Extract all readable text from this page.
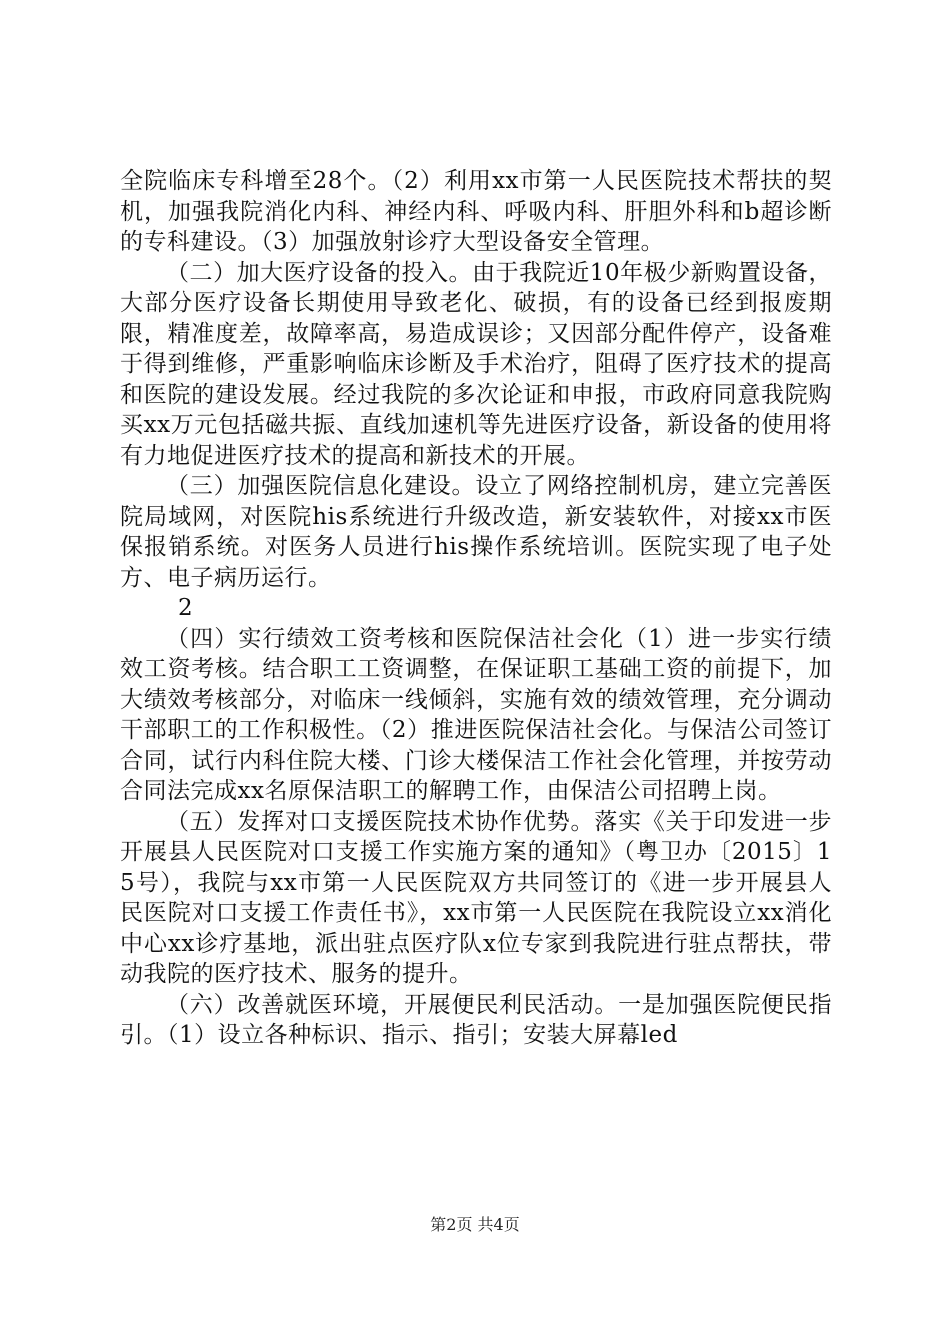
全院临床专科增至28个。（2）利用xx市第一人民医院技术帮扶的契机，加强我院消化内科、神经内科、呼吸内科、肝胆外科和b超诊断的专科建设。（3）加强放射诊疗大型设备安全管理。

（二）加大医疗设备的投入。由于我院近10年极少新购置设备，大部分医疗设备长期使用导致老化、破损，有的设备已经到报废期限，精准度差，故障率高，易造成误诊；又因部分配件停产，设备难于得到维修，严重影响临床诊断及手术治疗，阻碍了医疗技术的提高和医院的建设发展。经过我院的多次论证和申报，市政府同意我院购买xx万元包括磁共振、直线加速机等先进医疗设备，新设备的使用将有力地促进医疗技术的提高和新技术的开展。

（三）加强医院信息化建设。设立了网络控制机房，建立完善医院局域网，对医院his系统进行升级改造，新安装软件，对接xx市医保报销系统。对医务人员进行his操作系统培训。医院实现了电子处方、电子病历运行。

2

（四）实行绩效工资考核和医院保洁社会化（1）进一步实行绩效工资考核。结合职工工资调整，在保证职工基础工资的前提下，加大绩效考核部分，对临床一线倾斜，实施有效的绩效管理，充分调动干部职工的工作积极性。（2）推进医院保洁社会化。与保洁公司签订合同，试行内科住院大楼、门诊大楼保洁工作社会化管理，并按劳动合同法完成xx名原保洁职工的解聘工作，由保洁公司招聘上岗。

（五）发挥对口支援医院技术协作优势。落实《关于印发进一步开展县人民医院对口支援工作实施方案的通知》（粤卫办〔2015〕15号），我院与xx市第一人民医院双方共同签订的《进一步开展县人民医院对口支援工作责任书》，xx市第一人民医院在我院设立xx消化中心xx诊疗基地，派出驻点医疗队x位专家到我院进行驻点帮扶，带动我院的医疗技术、服务的提升。

（六）改善就医环境，开展便民利民活动。一是加强医院便民指引。（1）设立各种标识、指示、指引；安装大屏幕led

第2页 共4页
